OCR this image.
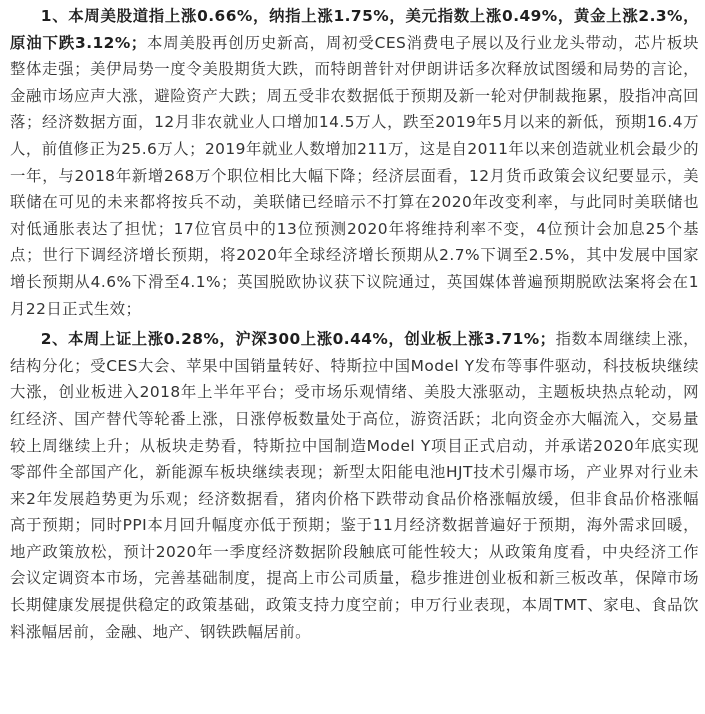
1、本周美股道指上涨0.66%，纳指上涨1.75%，美元指数上涨0.49%，黄金上涨2.3%，原油下跌3.12%；本周美股再创历史新高，周初受CES消费电子展以及行业龙头带动，芯片板块整体走强；美伊局势一度令美股期货大跌，而特朗普针对伊朗讲话多次释放试图缓和局势的言论，金融市场应声大涨，避险资产大跌；周五受非农数据低于预期及新一轮对伊制裁拖累，股指冲高回落；经济数据方面，12月非农就业人口增加14.5万人，跌至2019年5月以来的新低，预期16.4万人，前值修正为25.6万人；2019年就业人数增加211万，这是自2011年以来创造就业机会最少的一年，与2018年新增268万个职位相比大幅下降；经济层面看，12月货币政策会议纪要显示，美联储在可见的未来都将按兵不动，美联储已经暗示不打算在2020年改变利率，与此同时美联储也对低通胀表达了担忧；17位官员中的13位预测2020年将维持利率不变，4位预计会加息25个基点；世行下调经济增长预期，将2020年全球经济增长预期从2.7%下调至2.5%，其中发展中国家增长预期从4.6%下滑至4.1%；英国脱欧协议获下议院通过，英国媒体普遍预期脱欧法案将会在1月22日正式生效；

2、本周上证上涨0.28%，沪深300上涨0.44%，创业板上涨3.71%；指数本周继续上涨，结构分化；受CES大会、苹果中国销量转好、特斯拉中国Model Y发布等事件驱动，科技板块继续大涨，创业板进入2018年上半年平台；受市场乐观情绪、美股大涨驱动，主题板块热点轮动，网红经济、国产替代等轮番上涨，日涨停板数量处于高位，游资活跃；北向资金亦大幅流入，交易量较上周继续上升；从板块走势看，特斯拉中国制造Model Y项目正式启动，并承诺2020年底实现零部件全部国产化，新能源车板块继续表现；新型太阳能电池HJT技术引爆市场，产业界对行业未来2年发展趋势更为乐观；经济数据看，猪肉价格下跌带动食品价格涨幅放缓，但非食品价格涨幅高于预期；同时PPI本月回升幅度亦低于预期；鉴于11月经济数据普遍好于预期，海外需求回暖，地产政策放松，预计2020年一季度经济数据阶段触底可能性较大；从政策角度看，中央经济工作会议定调资本市场，完善基础制度，提高上市公司质量，稳步推进创业板和新三板改革，保障市场长期健康发展提供稳定的政策基础，政策支持力度空前；申万行业表现，本周TMT、家电、食品饮料涨幅居前，金融、地产、钢铁跌幅居前。
